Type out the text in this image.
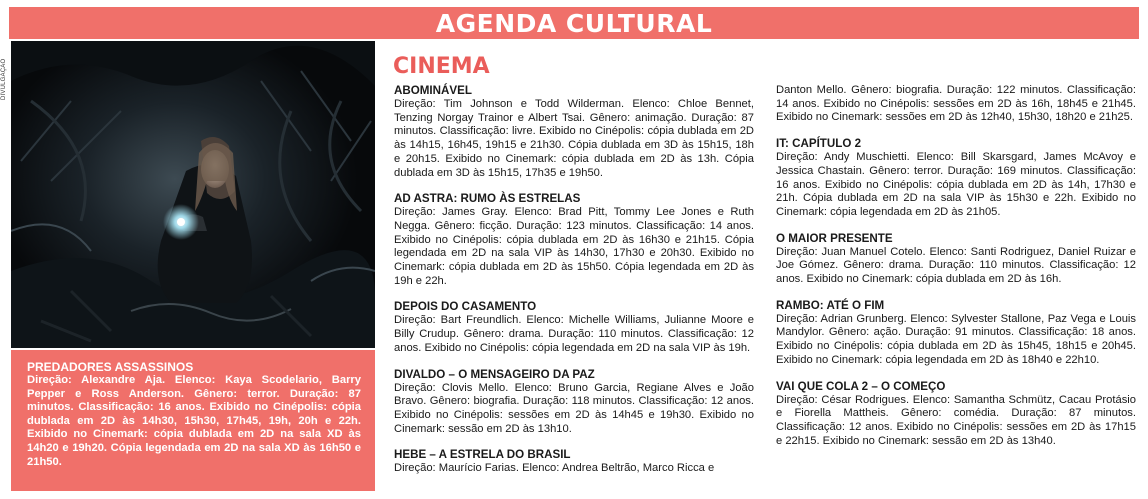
AGENDA CULTURAL
DIVULGAÇÃO
PREDADORES ASSASSINOS
Direção: Alexandre Aja. Elenco: Kaya Scodelario, Barry Pepper e Ross Anderson. Gênero: terror. Duração: 87 minutos. Classificação: 16 anos. Exibido no Cinépolis: cópia dublada em 2D às 14h30, 15h30, 17h45, 19h, 20h e 22h. Exibido no Cinemark: cópia dublada em 2D na sala XD às 14h20 e 19h20. Cópia legendada em 2D na sala XD às 16h50 e 21h50.
CINEMA
ABOMINÁVEL
Direção: Tim Johnson e Todd Wilderman. Elenco: Chloe Bennet, Tenzing Norgay Trainor e Albert Tsai. Gênero: animação. Duração: 87 minutos. Classificação: livre. Exibido no Cinépolis: cópia dublada em 2D às 14h15, 16h45, 19h15 e 21h30. Cópia dublada em 3D às 15h15, 18h e 20h15. Exibido no Cinemark: cópia dublada em 2D às 13h. Cópia dublada em 3D às 15h15, 17h35 e 19h50.
AD ASTRA: RUMO ÀS ESTRELAS
Direção: James Gray. Elenco: Brad Pitt, Tommy Lee Jones e Ruth Negga. Gênero: ficção. Duração: 123 minutos. Classificação: 14 anos. Exibido no Cinépolis: cópia dublada em 2D às 16h30 e 21h15. Cópia legendada em 2D na sala VIP às 14h30, 17h30 e 20h30. Exibido no Cinemark: cópia dublada em 2D às 15h50. Cópia legendada em 2D às 19h e 22h.
DEPOIS DO CASAMENTO
Direção: Bart Freundlich. Elenco: Michelle Williams, Julianne Moore e Billy Crudup. Gênero: drama. Duração: 110 minutos. Classificação: 12 anos. Exibido no Cinépolis: cópia legendada em 2D na sala VIP às 19h.
DIVALDO – O MENSAGEIRO DA PAZ
Direção: Clovis Mello. Elenco: Bruno Garcia, Regiane Alves e João Bravo. Gênero: biografia. Duração: 118 minutos. Classificação: 12 anos. Exibido no Cinépolis: sessões em 2D às 14h45 e 19h30. Exibido no Cinemark: sessão em 2D às 13h10.
HEBE – A ESTRELA DO BRASIL
Direção: Maurício Farias. Elenco: Andrea Beltrão, Marco Ricca e
Danton Mello. Gênero: biografia. Duração: 122 minutos. Classificação: 14 anos. Exibido no Cinépolis: sessões em 2D às 16h, 18h45 e 21h45. Exibido no Cinemark: sessões em 2D às 12h40, 15h30, 18h20 e 21h25.
IT: CAPÍTULO 2
Direção: Andy Muschietti. Elenco: Bill Skarsgard, James McAvoy e Jessica Chastain. Gênero: terror. Duração: 169 minutos. Classificação: 16 anos. Exibido no Cinépolis: cópia dublada em 2D às 14h, 17h30 e 21h. Cópia dublada em 2D na sala VIP às 15h30 e 22h. Exibido no Cinemark: cópia legendada em 2D às 21h05.
O MAIOR PRESENTE
Direção: Juan Manuel Cotelo. Elenco: Santi Rodriguez, Daniel Ruizar e Joe Gómez. Gênero: drama. Duração: 110 minutos. Classificação: 12 anos. Exibido no Cinemark: cópia dublada em 2D às 16h.
RAMBO: ATÉ O FIM
Direção: Adrian Grunberg. Elenco: Sylvester Stallone, Paz Vega e Louis Mandylor. Gênero: ação. Duração: 91 minutos. Classificação: 18 anos. Exibido no Cinépolis: cópia dublada em 2D às 15h45, 18h15 e 20h45. Exibido no Cinemark: cópia legendada em 2D às 18h40 e 22h10.
VAI QUE COLA 2 – O COMEÇO
Direção: César Rodrigues. Elenco: Samantha Schmütz, Cacau Protásio e Fiorella Mattheis. Gênero: comédia. Duração: 87 minutos. Classificação: 12 anos. Exibido no Cinépolis: sessões em 2D às 17h15 e 22h15. Exibido no Cinemark: sessão em 2D às 13h40.
